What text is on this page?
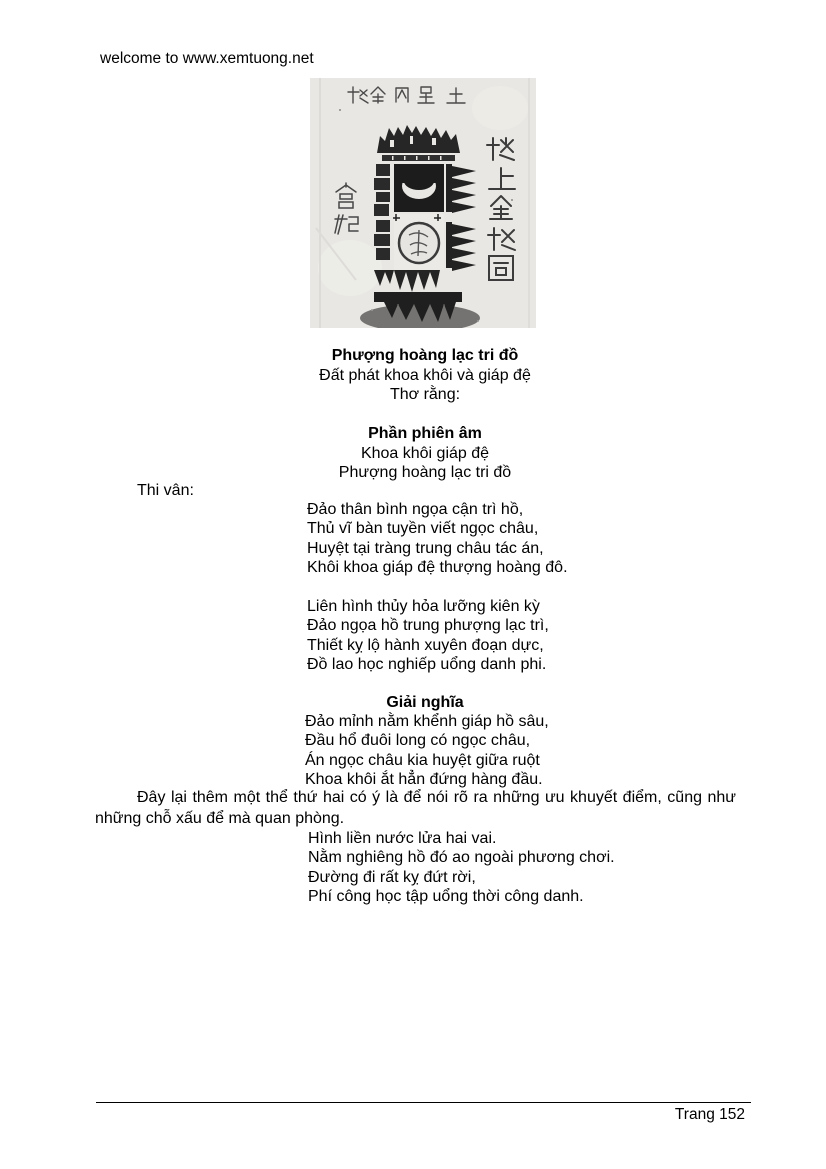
welcome to www.xemtuong.net
Phượng hoàng lạc tri đồ
Đất phát khoa khôi và giáp đệ
Thơ rằng:
Phần phiên âm
Khoa khôi giáp đệ
Phượng hoàng lạc tri đồ
Thi vân:
Đảo thân bình ngọa cận trì hồ,
Thủ vĩ bàn tuyền viết ngọc châu,
Huyệt tại tràng trung châu tác án,
Khôi khoa giáp đệ thượng hoàng đô.
Liên hình thủy hỏa lưỡng kiên kỳ
Đảo ngọa hồ trung phượng lạc trì,
Thiết kỵ lộ hành xuyên đoạn dực,
Đồ lao học nghiếp uổng danh phi.
Giải nghĩa
Đảo mỉnh nằm khểnh giáp hồ sâu,
Đầu hổ đuôi long có ngọc châu,
Án ngọc châu kia huyệt giữa ruột
Khoa khôi ắt hẳn đứng hàng đầu.
Đây lại thêm một thể thứ hai có ý là để nói rõ ra những ưu khuyết điểm, cũng như những chỗ xấu để mà quan phòng.
Hình liền nước lửa hai vai.
Nằm nghiêng hồ đó ao ngoài phương chơi.
Đường đi rất kỵ đứt rời,
Phí công học tập uổng thời công danh.
Trang 152
